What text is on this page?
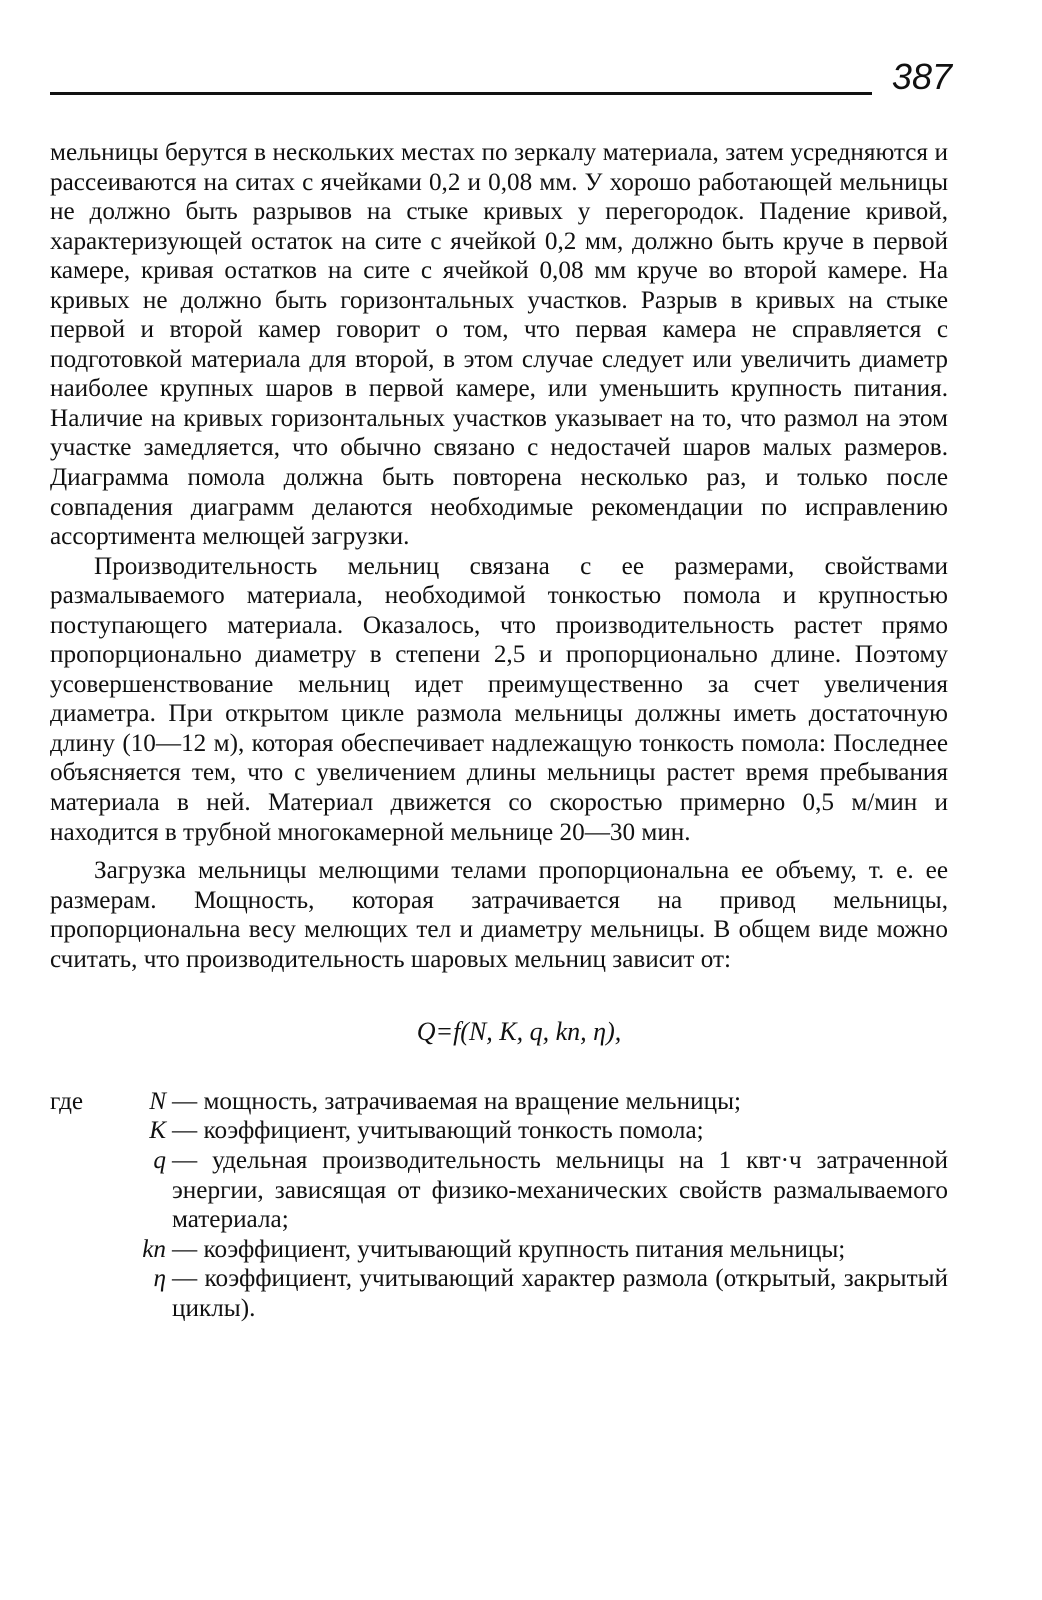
387

мельницы берутся в нескольких местах по зеркалу материала, затем усредняются и рассеиваются на ситах с ячейками 0,2 и 0,08 мм. У хорошо работающей мельницы не должно быть разрывов на стыке кривых у перегородок. Падение кривой, характеризующей остаток на сите с ячейкой 0,2 мм, должно быть круче в первой камере, кривая остатков на сите с ячейкой 0,08 мм круче во второй камере. На кривых не должно быть горизонтальных участков. Разрыв в кривых на стыке первой и второй камер говорит о том, что первая камера не справляется с подготовкой материала для второй, в этом случае следует или увеличить диаметр наиболее крупных шаров в первой камере, или уменьшить крупность питания. Наличие на кривых горизонтальных участков указывает на то, что размол на этом участке замедляется, что обычно связано с недостачей шаров малых размеров. Диаграмма помола должна быть повторена несколько раз, и только после совпадения диаграмм делаются необходимые рекомендации по исправлению ассортимента мелющей загрузки.

Производительность мельниц связана с ее размерами, свойствами размалываемого материала, необходимой тонкостью помола и крупностью поступающего материала. Оказалось, что производительность растет прямо пропорционально диаметру в степени 2,5 и пропорционально длине. Поэтому усовершенствование мельниц идет преимущественно за счет увеличения диаметра. При открытом цикле размола мельницы должны иметь достаточную длину (10—12 м), которая обеспечивает надлежащую тонкость помола: Последнее объясняется тем, что с увеличением длины мельницы растет время пребывания материала в ней. Материал движется со скоростью примерно 0,5 м/мин и находится в трубной многокамерной мельнице 20—30 мин.

Загрузка мельницы мелющими телами пропорциональна ее объему, т. е. ее размерам. Мощность, которая затрачивается на привод мельницы, пропорциональна весу мелющих тел и диаметру мельницы. В общем виде можно считать, что производительность шаровых мельниц зависит от:

Q=f(N, K, q, kп, η),

где	N — мощность, затрачиваемая на вращение мельницы;
K — коэффициент, учитывающий тонкость помола;
q — удельная производительность мельницы на 1 квт·ч затраченной энергии, зависящая от физико-механических свойств размалываемого материала;
kп — коэффициент, учитывающий крупность питания мельницы;
η — коэффициент, учитывающий характер размола (открытый, закрытый циклы).
